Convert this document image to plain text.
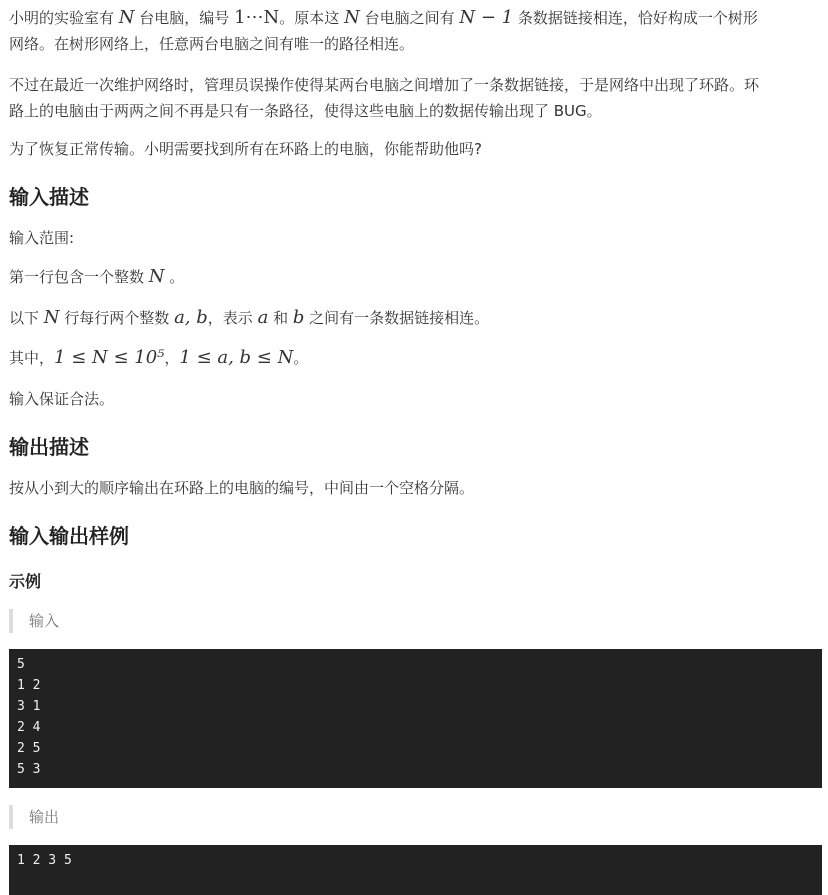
小明的实验室有 N 台电脑，编号 1⋯N。原本这 N 台电脑之间有 N − 1 条数据链接相连，恰好构成一个树形
网络。在树形网络上，任意两台电脑之间有唯一的路径相连。

不过在最近一次维护网络时，管理员误操作使得某两台电脑之间增加了一条数据链接，于是网络中出现了环路。环
路上的电脑由于两两之间不再是只有一条路径，使得这些电脑上的数据传输出现了 BUG。

为了恢复正常传输。小明需要找到所有在环路上的电脑，你能帮助他吗?

输入描述

输入范围:

第一行包含一个整数 N 。

以下 N 行每行两个整数 a, b，表示 a 和 b 之间有一条数据链接相连。

其中，1 ≤ N ≤ 10⁵，1 ≤ a, b ≤ N。

输入保证合法。

输出描述

按从小到大的顺序输出在环路上的电脑的编号，中间由一个空格分隔。

输入输出样例
示例
输入
5
1 2
3 1
2 4
2 5
5 3
输出
1 2 3 5
